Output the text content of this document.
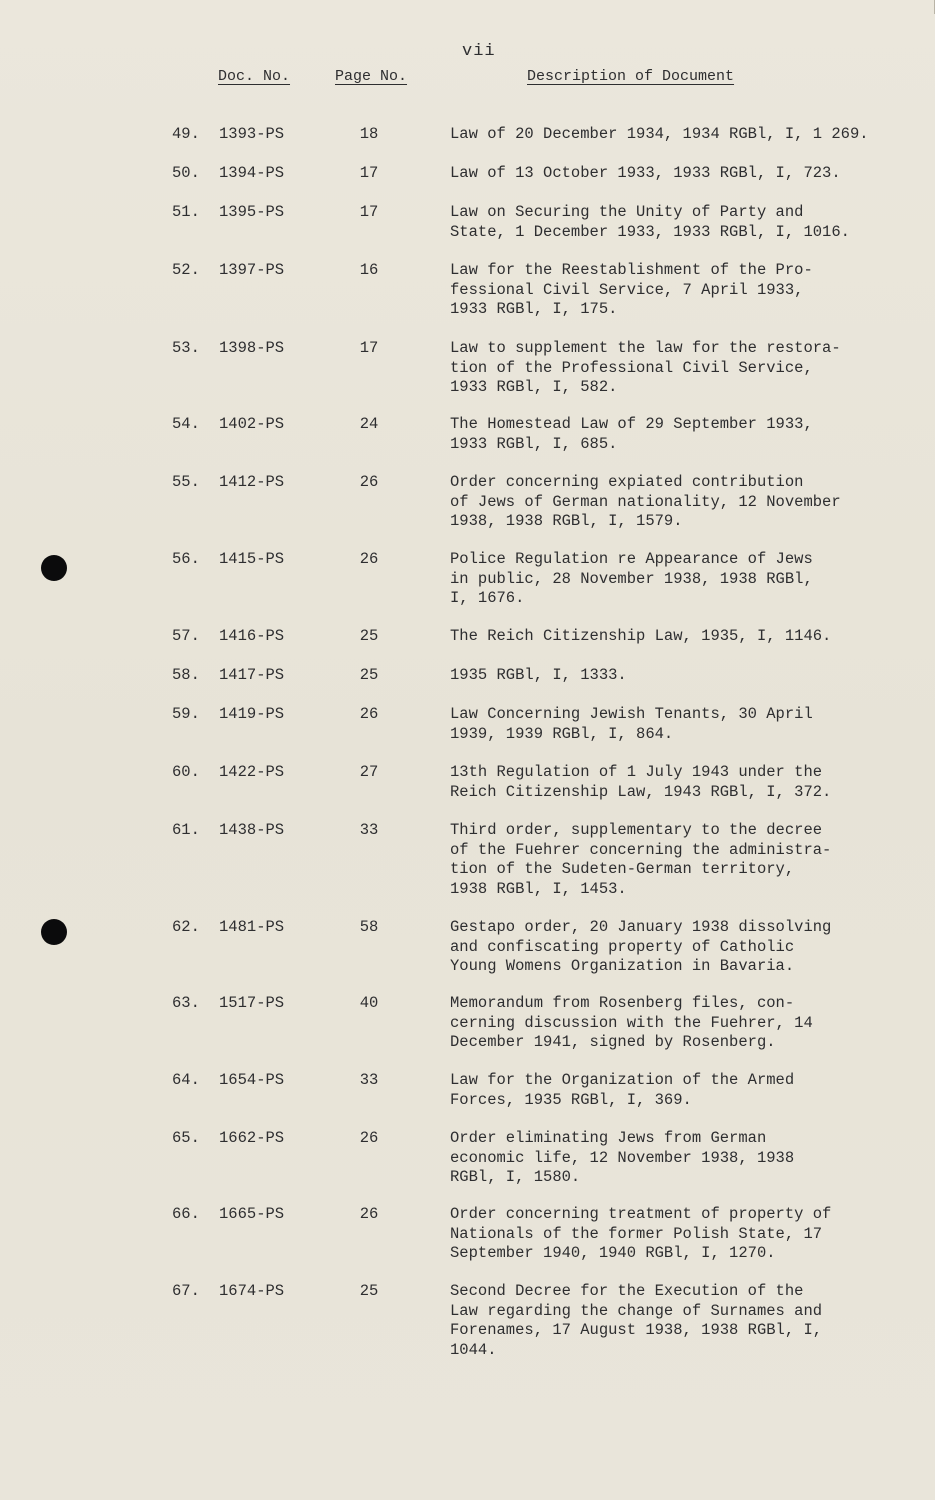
vii
Doc. No.	Page No.	Description of Document
49. 1393-PS	18	Law of 20 December 1934, 1934 RGBl, I, 1 269.
50. 1394-PS	17	Law of 13 October 1933, 1933 RGBl, I, 723.
51. 1395-PS	17	Law on Securing the Unity of Party and
State, 1 December 1933, 1933 RGBl, I, 1016.
52. 1397-PS	16	Law for the Reestablishment of the Pro-
fessional Civil Service, 7 April 1933,
1933 RGBl, I, 175.
53. 1398-PS	17	Law to supplement the law for the restora-
tion of the Professional Civil Service,
1933 RGBl, I, 582.
54. 1402-PS	24	The Homestead Law of 29 September 1933,
1933 RGBl, I, 685.
55. 1412-PS	26	Order concerning expiated contribution
of Jews of German nationality, 12 November
1938, 1938 RGBl, I, 1579.
56. 1415-PS	26	Police Regulation re Appearance of Jews
in public, 28 November 1938, 1938 RGBl,
I, 1676.
57. 1416-PS	25	The Reich Citizenship Law, 1935, I, 1146.
58. 1417-PS	25	1935 RGBl, I, 1333.
59. 1419-PS	26	Law Concerning Jewish Tenants, 30 April
1939, 1939 RGBl, I, 864.
60. 1422-PS	27	13th Regulation of 1 July 1943 under the
Reich Citizenship Law, 1943 RGBl, I, 372.
61. 1438-PS	33	Third order, supplementary to the decree
of the Fuehrer concerning the administra-
tion of the Sudeten-German territory,
1938 RGBl, I, 1453.
62. 1481-PS	58	Gestapo order, 20 January 1938 dissolving
and confiscating property of Catholic
Young Womens Organization in Bavaria.
63. 1517-PS	40	Memorandum from Rosenberg files, con-
cerning discussion with the Fuehrer, 14
December 1941, signed by Rosenberg.
64. 1654-PS	33	Law for the Organization of the Armed
Forces, 1935 RGBl, I, 369.
65. 1662-PS	26	Order eliminating Jews from German
economic life, 12 November 1938, 1938
RGBl, I, 1580.
66. 1665-PS	26	Order concerning treatment of property of
Nationals of the former Polish State, 17
September 1940, 1940 RGBl, I, 1270.
67. 1674-PS	25	Second Decree for the Execution of the
Law regarding the change of Surnames and
Forenames, 17 August 1938, 1938 RGBl, I,
1044.
